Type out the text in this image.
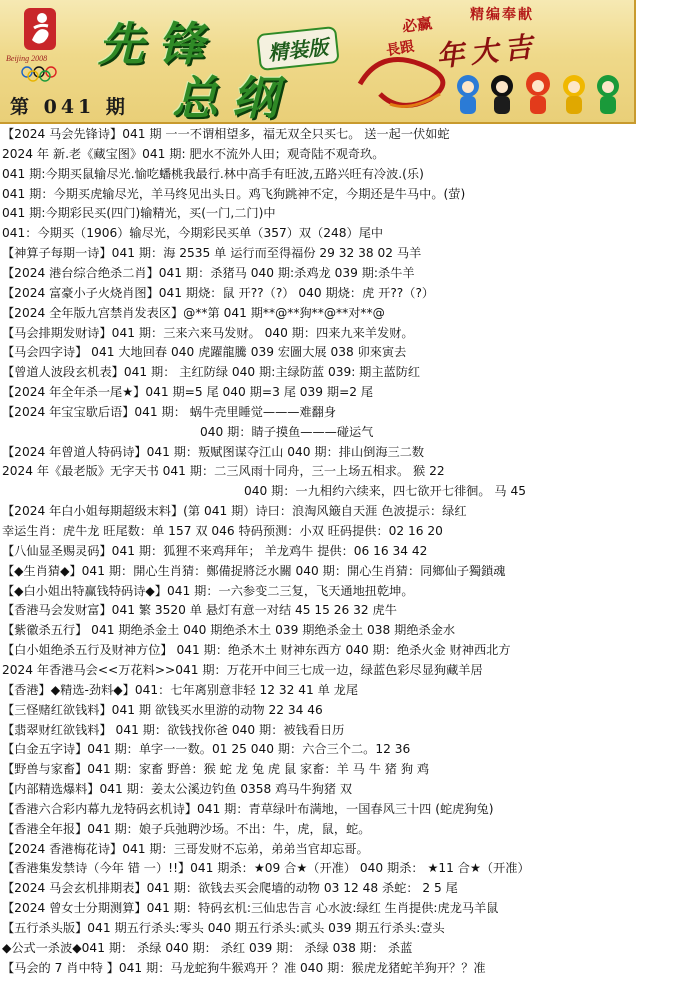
Beijing 2008 先锋
总纲
精装版
第 041 期
必赢	精编奉献
長跟 年大吉
【2024 马会先锋诗】041 期 一一不谓相望多，福无双全只买七。 送一起一伏如蛇
2024 年 新.老《藏宝图》041 期: 肥水不流外人田；观奇陆不观奇玖。
041 期:今期买鼠输尽光.愉吃蟠桃我最行.林中高手有旺波,五路兴旺有冷波.(乐)
041 期：今期买虎输尽光，羊马终见出头日。鸡飞狗跳神不定，今期还是牛马中。(萤)
041 期:今期彩民买(四门)输精光，买(一门,二门)中
041：今期买（1906）输尽光，今期彩民买单（357）双（248）尾中
【神算子每期一诗】041 期：海 2535 单 运行而至得福份 29 32 38 02 马羊
【2024 港台综合绝杀二肖】041 期：杀猪马 040 期:杀鸡龙 039 期:杀牛羊
【2024 富豪小子火烧肖图】041 期烧：鼠 开??（?） 040 期烧：虎 开??（?）
【2024 全年版九宫禁肖发表区】@**第 041 期**@**狗**@**对**@
【马会排期发财诗】041 期：三来六来马发财。 040 期：四来九来羊发财。
【马会四字诗】 041 大地回春 040 虎躍龍騰 039 宏圖大展 038 卯來寅去
【曾道人波段玄机表】041 期： 主红防绿 040 期:主绿防蓝 039: 期主蓝防红
【2024 年全年杀一尾★】041 期=5 尾 040 期=3 尾 039 期=2 尾
【2024 年宝宝歇后语】041 期： 蜗牛壳里睡觉———难翻身
040 期：睛子摸鱼———碰运气
【2024 年曾道人特码诗】041 期：叛赋图谋夺江山 040 期：排山倒海三二数
2024 年《最老版》无字天书 041 期：二三风雨十同舟，三一上场五相求。 猴 22
040 期：一九相约六续来，四七欲开七徘徊。 马 45
【2024 年白小姐每期超级末料】(第 041 期）诗曰：浪淘风簸自天涯 色波提示：绿红
幸运生肖：虎牛龙 旺尾数：单 157 双 046 特码预测：小双 旺码提供：02 16 20
【八仙显圣赐灵码】041 期：狐狸不来鸡拜年； 羊龙鸡牛 提供：06 16 34 42
【◆生肖猜◆】041 期：開心生肖猜：鄭備捉將泛水關 040 期：開心生肖猜：同鄉仙子獨鎖魂
【◆白小姐出特赢钱特码诗◆】041 期：一六参变二三复，飞天通地扭乾坤。
【香港马会发财富】041 繁 3520 单 悬灯有意一对结 45 15 26 32 虎牛
【紫徽杀五行】 041 期绝杀金土 040 期绝杀木土 039 期绝杀金土 038 期绝杀金水
【白小姐绝杀五行及财神方位】 041 期：绝杀木土 财神东西方 040 期：绝杀火金 财神西北方
2024 年香港马会<<万花料>>041 期：万花开中间三七成一边，绿蓝色彩尽显狗藏羊居
【香港】◆精选-劲料◆】041：七年离别意非轻 12 32 41 单 龙尾
【三怪赌红欲钱料】041 期 欲钱买水里游的动物 22 34 46
【翡翠财红欲钱料】 041 期：欲钱找你爸 040 期：被钱看日历
【白金五字诗】041 期：单字一一数。01 25 040 期：六合三个二。12 36
【野兽与家畜】041 期：家畜 野兽：猴 蛇 龙 兔 虎 鼠 家畜：羊 马 牛 猪 狗 鸡
【内部精选爆料】041 期：姜太公溪边钓鱼 0358 鸡马牛狗猪 双
【香港六合彩内幕九龙特码玄机诗】041 期：青草绿叶布满地，一国春风三十四 (蛇虎狗兔)
【香港全年报】041 期：娘子兵弛聘沙场。不出：牛，虎，鼠，蛇。
【2024 香港梅花诗】041 期：三哥发财不忘弟，弟弟当官却忘哥。
【香港集发禁诗（今年 错 一）!!】041 期杀：★09 合★（开准） 040 期杀： ★11 合★（开准）
【2024 马会玄机排期表】041 期：欲钱去买会爬墙的动物 03 12 48 杀蛇： 2 5 尾
【2024 曾女士分期测算】041 期：特码玄机:三仙忠告言 心水波:绿红 生肖提供:虎龙马羊鼠
【五行杀头版】041 期五行杀头:零头 040 期五行杀头:贰头 039 期五行杀头:壹头
◆公式一杀波◆041 期： 杀绿 040 期： 杀红 039 期： 杀绿 038 期： 杀蓝
【马会的 7 肖中特 】041 期：马龙蛇狗牛猴鸡开 ？准 040 期：猴虎龙猪蛇羊狗开？？准
